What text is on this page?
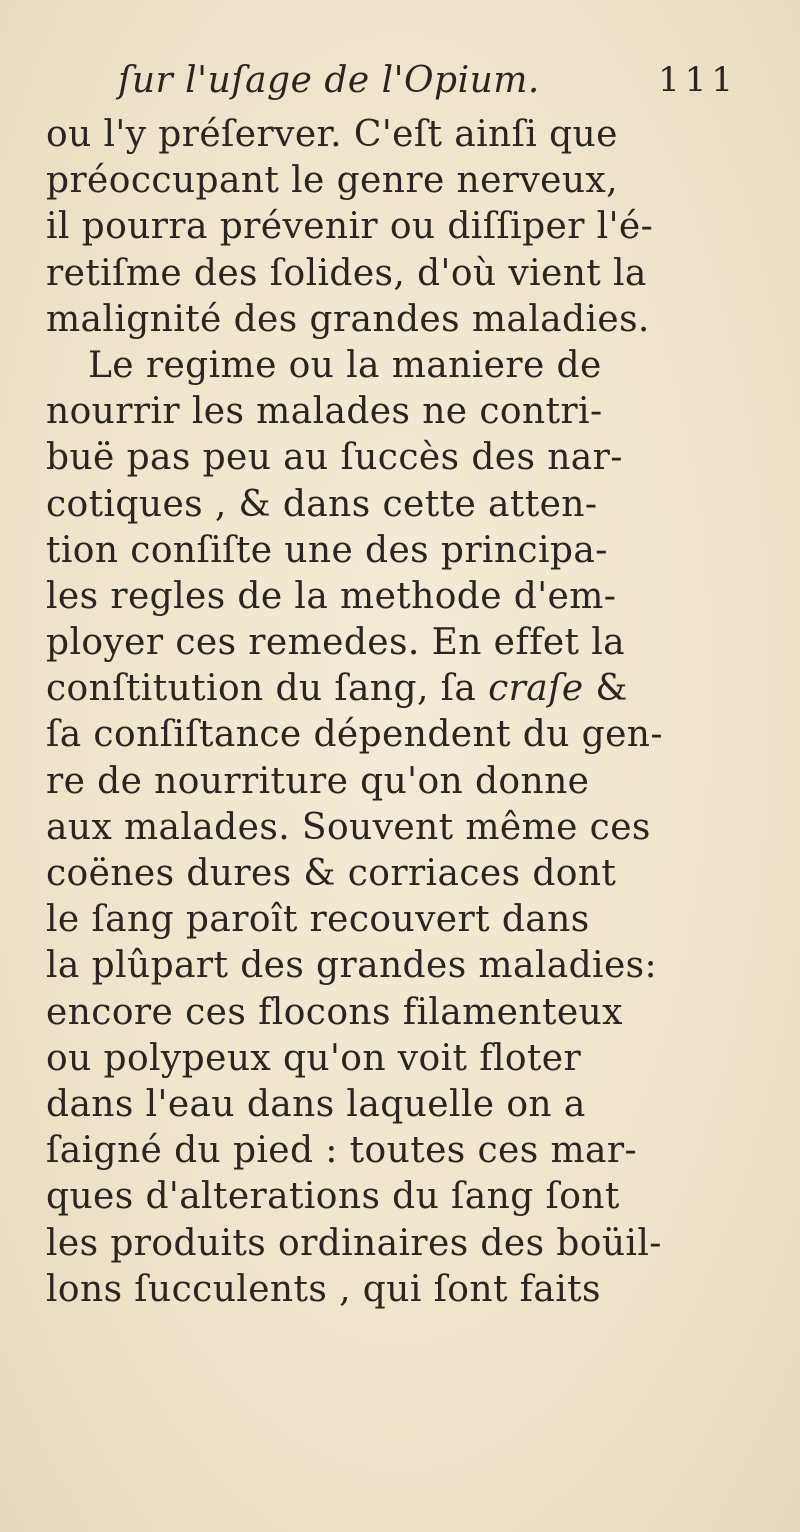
ſur l'uſage de l'Opium.	111
ou l'y préſerver. C'eſt ainſi que
préoccupant le genre nerveux,
il pourra prévenir ou diſſiper l'é-
retiſme des ſolides, d'où vient la
malignité des grandes maladies.
Le regime ou la maniere de
nourrir les malades ne contri-
buë pas peu au ſuccès des nar-
cotiques , & dans cette atten-
tion conſiſte une des principa-
les regles de la methode d'em-
ployer ces remedes. En effet la
conſtitution du ſang, ſa craſe &
ſa conſiſtance dépendent du gen-
re de nourriture qu'on donne
aux malades. Souvent même ces
coënes dures & corriaces dont
le ſang paroît recouvert dans
la plûpart des grandes maladies:
encore ces flocons filamenteux
ou polypeux qu'on voit floter
dans l'eau dans laquelle on a
ſaigné du pied : toutes ces mar-
ques d'alterations du ſang ſont
les produits ordinaires des boüil-
lons ſucculents , qui ſont faits
